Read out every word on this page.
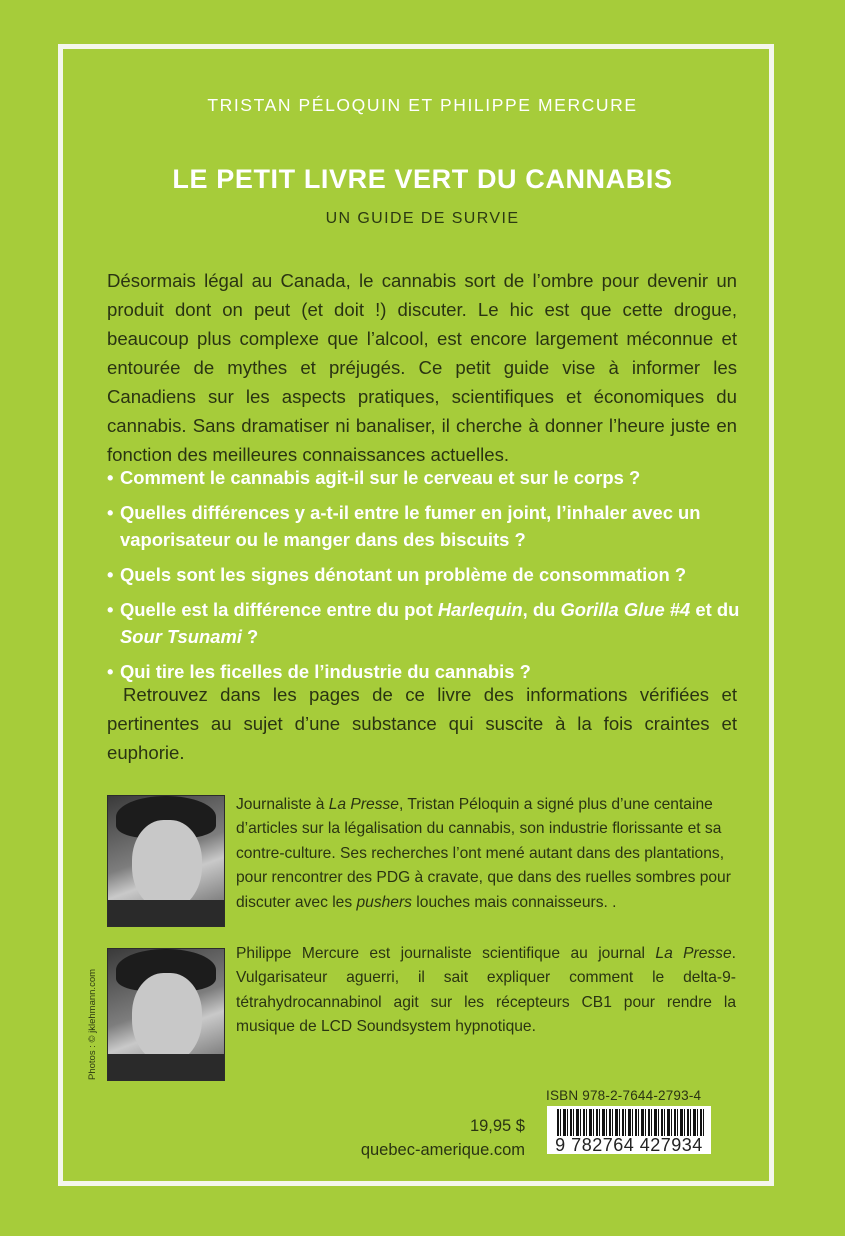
TRISTAN PÉLOQUIN ET PHILIPPE MERCURE
LE PETIT LIVRE VERT DU CANNABIS
UN GUIDE DE SURVIE

Désormais légal au Canada, le cannabis sort de l’ombre pour devenir un produit dont on peut (et doit !) discuter. Le hic est que cette drogue, beaucoup plus complexe que l’alcool, est encore largement méconnue et entourée de mythes et préjugés. Ce petit guide vise à informer les Canadiens sur les aspects pratiques, scientifiques et économiques du cannabis. Sans dramatiser ni banaliser, il cherche à donner l’heure juste en fonction des meilleures connaissances actuelles.

• Comment le cannabis agit-il sur le cerveau et sur le corps ?
• Quelles différences y a-t-il entre le fumer en joint, l’inhaler avec un vaporisateur ou le manger dans des biscuits ?
• Quels sont les signes dénotant un problème de consommation ?
• Quelle est la différence entre du pot Harlequin, du Gorilla Glue #4 et du Sour Tsunami ?
• Qui tire les ficelles de l’industrie du cannabis ?

Retrouvez dans les pages de ce livre des informations vérifiées et pertinentes au sujet d’une substance qui suscite à la fois craintes et euphorie.

Journaliste à La Presse, Tristan Péloquin a signé plus d’une centaine d’articles sur la légalisation du cannabis, son industrie florissante et sa contre-culture. Ses recherches l’ont mené autant dans des plantations, pour rencontrer des PDG à cravate, que dans des ruelles sombres pour discuter avec les pushers louches mais connaisseurs. .

Philippe Mercure est journaliste scientifique au journal La Presse. Vulgarisateur aguerri, il sait expliquer comment le delta-9-tétrahydrocannabinol agit sur les récepteurs CB1 pour rendre la musique de LCD Soundsystem hypnotique.

Photos : © jklehmann.com
ISBN 978-2-7644-2793-4
19,95 $
quebec-amerique.com	9 782764 427934
